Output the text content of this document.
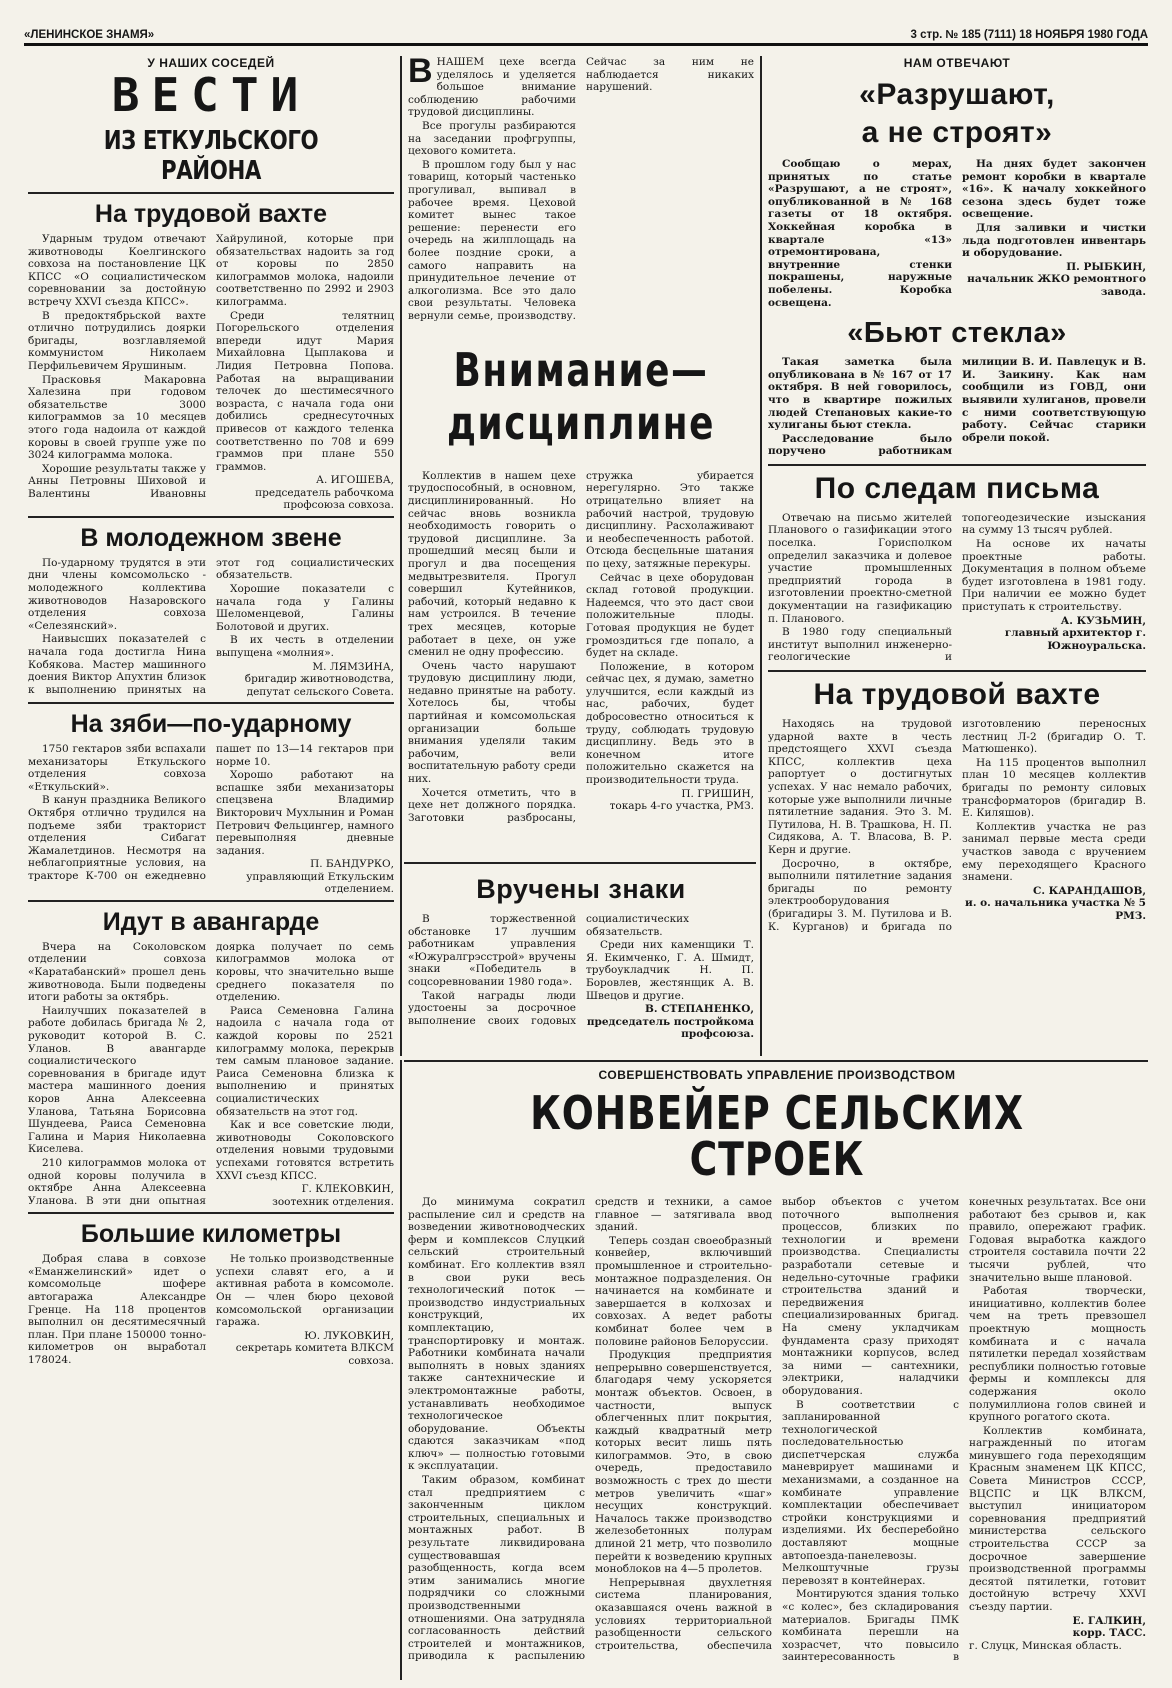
«ЛЕНИНСКОЕ ЗНАМЯ»	3 стр. № 185 (7111) 18 НОЯБРЯ 1980 ГОДА
У НАШИХ СОСЕДЕЙ
ВЕСТИ
ИЗ ЕТКУЛЬСКОГО РАЙОНА
На трудовой вахте

Ударным трудом отвечают животноводы Коелгинского совхоза на постановление ЦК КПСС «О социалистическом соревновании за достойную встречу XXVI съезда КПСС».

В предоктябрьской вахте отлично потрудились доярки бригады, возглавляемой коммунистом Николаем Перфильевичем Ярушиным.

Прасковья Макаровна Халезина при годовом обязательстве 3000 килограммов за 10 месяцев этого года надоила от каждой коровы в своей группе уже по 3024 килограмма молока.

Хорошие результаты также у Анны Петровны Шиховой и Валентины Ивановны Хайрулиной, которые при обязательствах надоить за год от коровы по 2850 килограммов молока, надоили соответственно по 2992 и 2903 килограмма.

Среди телятниц Погорельского отделения впереди идут Мария Михайловна Цыплакова и Лидия Петровна Попова. Работая на выращивании телочек до шестимесячного возраста, с начала года они добились среднесуточных привесов от каждого теленка соответственно по 708 и 699 граммов при плане 550 граммов.

А. ИГОШЕВА,
председатель рабочкома профсоюза совхоза.
В молодежном звене

По-ударному трудятся в эти дни члены комсомольско - молодежного коллектива животноводов Назаровского отделения совхоза «Селезянский».

Наивысших показателей с начала года достигла Нина Кобякова. Мастер машинного доения Виктор Апухтин близок к выполнению принятых на этот год социалистических обязательств.

Хорошие показатели с начала года у Галины Шеломенцевой, Галины Болотовой и других.

В их честь в отделении выпущена «молния».

М. ЛЯМЗИНА,
бригадир животноводства, депутат сельского Совета.
На зяби—по-ударному

1750 гектаров зяби вспахали механизаторы Еткульского отделения совхоза «Еткульский».

В канун праздника Великого Октября отлично трудился на подъеме зяби тракторист отделения Сибагат Жамалетдинов. Несмотря на неблагоприятные условия, на тракторе К-700 он ежедневно пашет по 13—14 гектаров при норме 10.

Хорошо работают на вспашке зяби механизаторы спецзвена Владимир Викторович Мухлынин и Роман Петрович Фельцингер, намного перевыполняя дневные задания.

П. БАНДУРКО,
управляющий Еткульским отделением.
Идут в авангарде

Вчера на Соколовском отделении совхоза «Каратабанский» прошел день животновода. Были подведены итоги работы за октябрь.

Наилучших показателей в работе добилась бригада № 2, руководит которой В. С. Уланов. В авангарде социалистического соревнования в бригаде идут мастера машинного доения коров Анна Алексеевна Уланова, Татьяна Борисовна Шундеева, Раиса Семеновна Галина и Мария Николаевна Киселева.

210 килограммов молока от одной коровы получила в октябре Анна Алексеевна Уланова. В эти дни опытная доярка получает по семь килограммов молока от коровы, что значительно выше среднего показателя по отделению.

Раиса Семеновна Галина надоила с начала года от каждой коровы по 2521 килограмму молока, перекрыв тем самым плановое задание. Раиса Семеновна близка к выполнению и принятых социалистических обязательств на этот год.

Как и все советские люди, животноводы Соколовского отделения новыми трудовыми успехами готовятся встретить XXVI съезд КПСС.

Г. КЛЕКОВКИН,
зоотехник отделения.
Большие километры

Добрая слава в совхозе «Еманжелинский» идет о комсомольце шофере автогаража Александре Гренце. На 118 процентов выполнил он десятимесячный план. При плане 150000 тонно-километров он выработал 178024.

Не только производственные успехи славят его, а и активная работа в комсомоле. Он — член бюро цеховой комсомольской организации гаража.

Ю. ЛУКОВКИН,
секретарь комитета ВЛКСМ совхоза.
В НАШЕМ цехе всегда уделялось и уделяется большое внимание соблюдению рабочими трудовой дисциплины.

Все прогулы разбираются на заседании профгруппы, цехового комитета.

В прошлом году был у нас товарищ, который частенько прогуливал, выпивал в рабочее время. Цеховой комитет вынес такое решение: перенести его очередь на жилплощадь на более поздние сроки, а самого направить на принудительное лечение от алкоголизма. Все это дало свои результаты. Человека вернули семье, производству. Сейчас за ним не наблюдается никаких нарушений.

Внимание—дисциплине

Коллектив в нашем цехе трудоспособный, в основном, дисциплинированный. Но сейчас вновь возникла необходимость говорить о трудовой дисциплине. За прошедший месяц были и прогул и два посещения медвытрезвителя. Прогул совершил Кутейников, рабочий, который недавно к нам устроился. В течение трех месяцев, которые работает в цехе, он уже сменил не одну профессию.

Очень часто нарушают трудовую дисциплину люди, недавно принятые на работу. Хотелось бы, чтобы партийная и комсомольская организации больше внимания уделяли таким рабочим, вели воспитательную работу среди них.

Хочется отметить, что в цехе нет должного порядка. Заготовки разбросаны, стружка убирается нерегулярно. Это также отрицательно влияет на рабочий настрой, трудовую дисциплину. Расхолаживают и необеспеченность работой. Отсюда бесцельные шатания по цеху, затяжные перекуры.

Сейчас в цехе оборудован склад готовой продукции. Надеемся, что это даст свои положительные плоды. Готовая продукция не будет громоздиться где попало, а будет на складе.

Положение, в котором сейчас цех, я думаю, заметно улучшится, если каждый из нас, рабочих, будет добросовестно относиться к труду, соблюдать трудовую дисциплину. Ведь это в конечном итоге положительно скажется на производительности труда.

П. ГРИШИН,
токарь 4-го участка, РМЗ.
Вручены знаки

В торжественной обстановке 17 лучшим работникам управления «Южуралгрэсстрой» вручены знаки «Победитель в соцсоревновании 1980 года».

Такой награды люди удостоены за досрочное выполнение своих годовых социалистических обязательств.

Среди них каменщики Т. Я. Екимченко, Г. А. Шмидт, трубоукладчик Н. П. Боровлев, жестянщик А. В. Швецов и другие.

В. СТЕПАНЕНКО,
председатель постройкома профсоюза.
НАМ ОТВЕЧАЮТ
«Разрушают,
а не строят»

Сообщаю о мерах, принятых по статье «Разрушают, а не строят», опубликованной в № 168 газеты от 18 октября. Хоккейная коробка в квартале «13» отремонтирована, внутренние стенки покрашены, наружные побелены. Коробка освещена.

На днях будет закончен ремонт коробки в квартале «16». К началу хоккейного сезона здесь будет тоже освещение.

Для заливки и чистки льда подготовлен инвентарь и оборудование.

П. РЫБКИН,
начальник ЖКО ремонтного завода.
«Бьют стекла»

Такая заметка была опубликована в № 167 от 17 октября. В ней говорилось, что в квартире пожилых людей Степановых какие-то хулиганы бьют стекла.

Расследование было поручено работникам милиции В. И. Павлецук и В. И. Заикину. Как нам сообщили из ГОВД, они выявили хулиганов, провели с ними соответствующую работу. Сейчас старики обрели покой.

По следам письма

Отвечаю на письмо жителей Планового о газификации этого поселка. Горисполком определил заказчика и долевое участие промышленных предприятий города в изготовлении проектно-сметной документации на газификацию п. Планового.

В 1980 году специальный институт выполнил инженерно-геологические и топогеодезические изыскания на сумму 13 тысяч рублей.

На основе их начаты проектные работы. Документация в полном объеме будет изготовлена в 1981 году. При наличии ее можно будет приступать к строительству.

А. КУЗЬМИН,
главный архитектор г. Южноуральска.
На трудовой вахте

Находясь на трудовой ударной вахте в честь предстоящего XXVI съезда КПСС, коллектив цеха рапортует о достигнутых успехах. У нас немало рабочих, которые уже выполнили личные пятилетние задания. Это З. М. Путилова, Н. В. Трашкова, Н. П. Сидякова, А. Т. Власова, В. Р. Керн и другие.

Досрочно, в октябре, выполнили пятилетние задания бригады по ремонту электрооборудования (бригадиры З. М. Путилова и В. К. Курганов) и бригада по изготовлению переносных лестниц Л-2 (бригадир О. Т. Матюшенко).

На 115 процентов выполнил план 10 месяцев коллектив бригады по ремонту силовых трансформаторов (бригадир В. Е. Киляшов).

Коллектив участка не раз занимал первые места среди участков завода с вручением ему переходящего Красного знамени.

С. КАРАНДАШОВ,
и. о. начальника участка № 5 РМЗ.
СОВЕРШЕНСТВОВАТЬ УПРАВЛЕНИЕ ПРОИЗВОДСТВОМ
КОНВЕЙЕР СЕЛЬСКИХ СТРОЕК

До минимума сократил распыление сил и средств на возведении животноводческих ферм и комплексов Слуцкий сельский строительный комбинат. Его коллектив взял в свои руки весь технологический поток — производство индустриальных конструкций, их комплектацию, транспортировку и монтаж. Работники комбината начали выполнять в новых зданиях также сантехнические и электромонтажные работы, устанавливать необходимое технологическое оборудование. Объекты сдаются заказчикам «под ключ» — полностью готовыми к эксплуатации.

Таким образом, комбинат стал предприятием с законченным циклом строительных, специальных и монтажных работ. В результате ликвидирована существовавшая разобщенность, когда всем этим занимались многие подрядчики со сложными производственными отношениями. Она затрудняла согласованность действий строителей и монтажников, приводила к распылению средств и техники, а самое главное — затягивала ввод зданий.

Теперь создан своеобразный конвейер, включивший промышленное и строительно-монтажное подразделения. Он начинается на комбинате и завершается в колхозах и совхозах. А ведет работы комбинат более чем в половине районов Белоруссии.

Продукция предприятия непрерывно совершенствуется, благодаря чему ускоряется монтаж объектов. Освоен, в частности, выпуск облегченных плит покрытия, каждый квадратный метр которых весит лишь пять килограммов. Это, в свою очередь, предоставило возможность с трех до шести метров увеличить «шаг» несущих конструкций. Началось также производство железобетонных полурам длиной 21 метр, что позволило перейти к возведению крупных моноблоков на 4—5 пролетов.

Непрерывная двухлетняя система планирования, оказавшаяся очень важной в условиях территориальной разобщенности сельского строительства, обеспечила выбор объектов с учетом поточного выполнения процессов, близких по технологии и времени производства. Специалисты разработали сетевые и недельно-суточные графики строительства зданий и передвижения специализированных бригад. На смену укладчикам фундамента сразу приходят монтажники корпусов, вслед за ними — сантехники, электрики, наладчики оборудования.

В соответствии с запланированной технологической последовательностью диспетчерская служба маневрирует машинами и механизмами, а созданное на комбинате управление комплектации обеспечивает стройки конструкциями и изделиями. Их бесперебойно доставляют мощные автопоезда-панелевозы. Мелкоштучные грузы перевозят в контейнерах.

Монтируются здания только «с колес», без складирования материалов. Бригады ПМК комбината перешли на хозрасчет, что повысило заинтересованность в конечных результатах. Все они работают без срывов и, как правило, опережают график. Годовая выработка каждого строителя составила почти 22 тысячи рублей, что значительно выше плановой.

Работая творчески, инициативно, коллектив более чем на треть превзошел проектную мощность комбината и с начала пятилетки передал хозяйствам республики полностью готовые фермы и комплексы для содержания около полумиллиона голов свиней и крупного рогатого скота.

Коллектив комбината, награжденный по итогам минувшего года переходящим Красным знаменем ЦК КПСС, Совета Министров СССР, ВЦСПС и ЦК ВЛКСМ, выступил инициатором соревнования предприятий министерства сельского строительства СССР за досрочное завершение производственной программы десятой пятилетки, готовит достойную встречу XXVI съезду партии.

Е. ГАЛКИН,
корр. ТАСС.
г. Слуцк, Минская область.
